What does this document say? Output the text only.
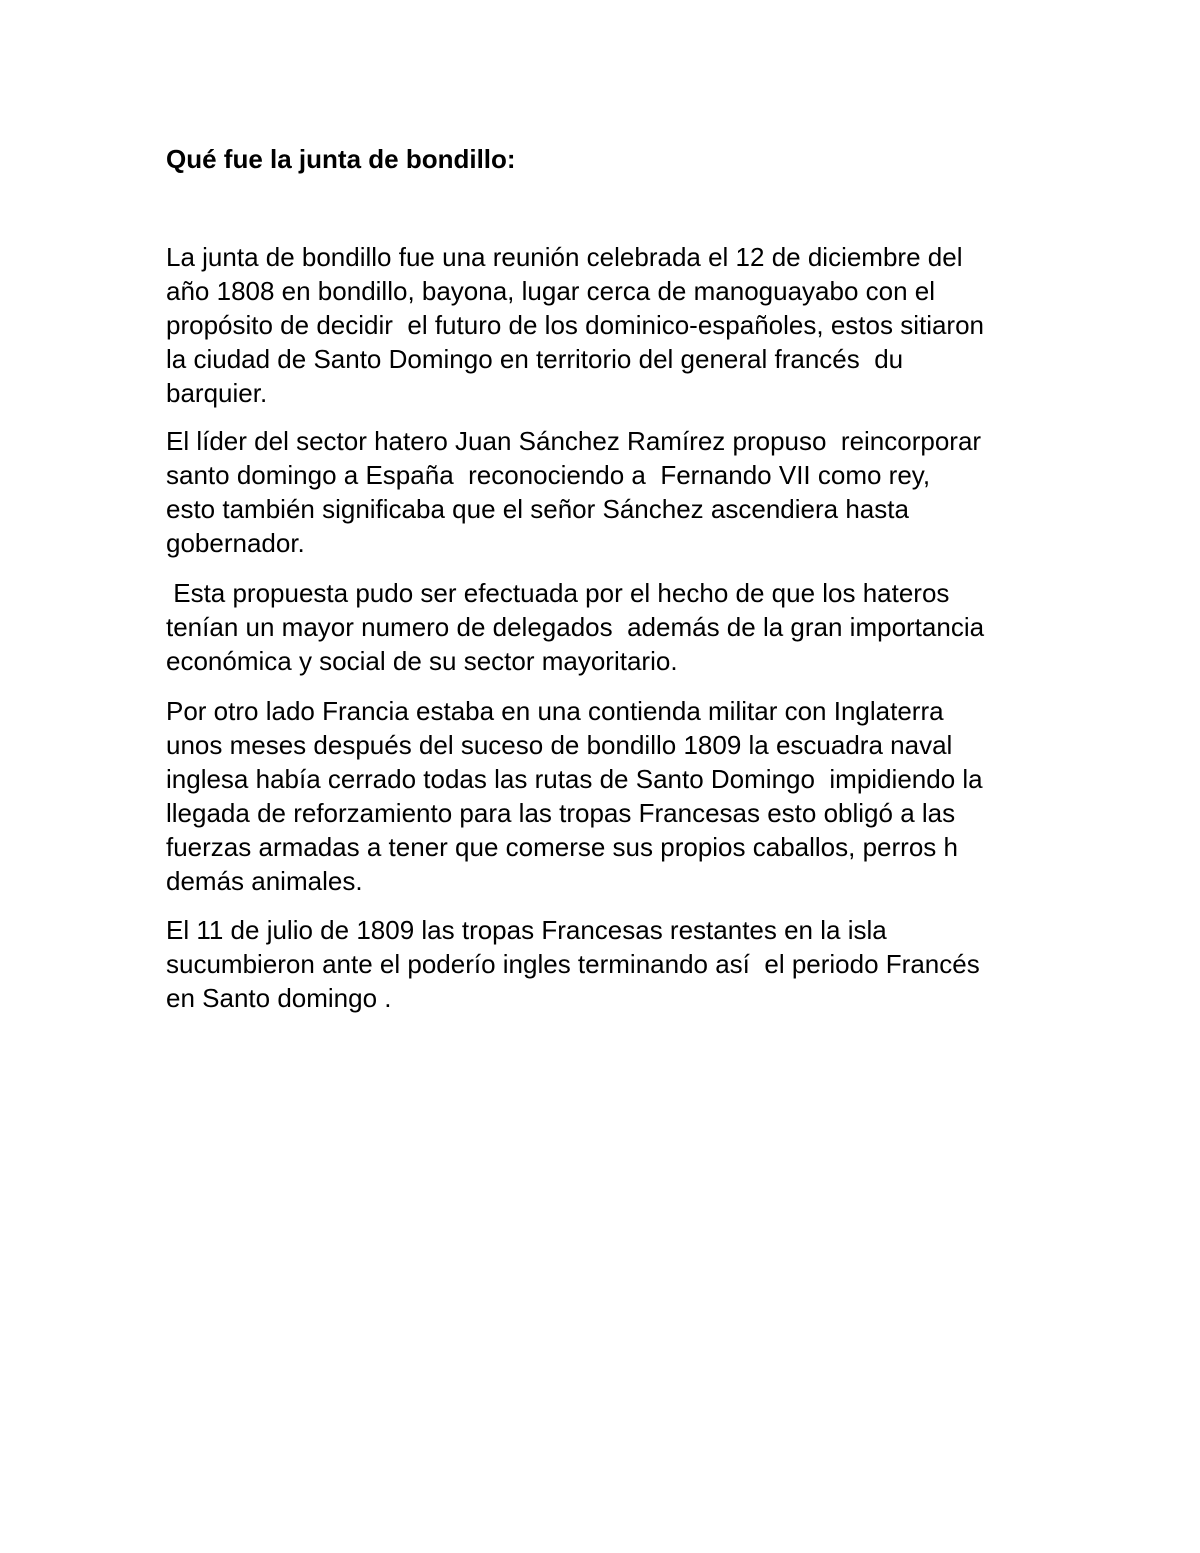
Qué fue la junta de bondillo:

La junta de bondillo fue una reunión celebrada el 12 de diciembre del

año 1808 en bondillo, bayona, lugar cerca de manoguayabo con el

propósito de decidir  el futuro de los dominico-españoles, estos sitiaron

la ciudad de Santo Domingo en territorio del general francés  du

barquier.

El líder del sector hatero Juan Sánchez Ramírez propuso  reincorporar

santo domingo a España  reconociendo a  Fernando VII como rey,

esto también significaba que el señor Sánchez ascendiera hasta

gobernador.

Esta propuesta pudo ser efectuada por el hecho de que los hateros

tenían un mayor numero de delegados  además de la gran importancia

económica y social de su sector mayoritario.

Por otro lado Francia estaba en una contienda militar con Inglaterra

unos meses después del suceso de bondillo 1809 la escuadra naval

inglesa había cerrado todas las rutas de Santo Domingo  impidiendo la

llegada de reforzamiento para las tropas Francesas esto obligó a las

fuerzas armadas a tener que comerse sus propios caballos, perros h

demás animales.

El 11 de julio de 1809 las tropas Francesas restantes en la isla

sucumbieron ante el poderío ingles terminando así  el periodo Francés

en Santo domingo .
